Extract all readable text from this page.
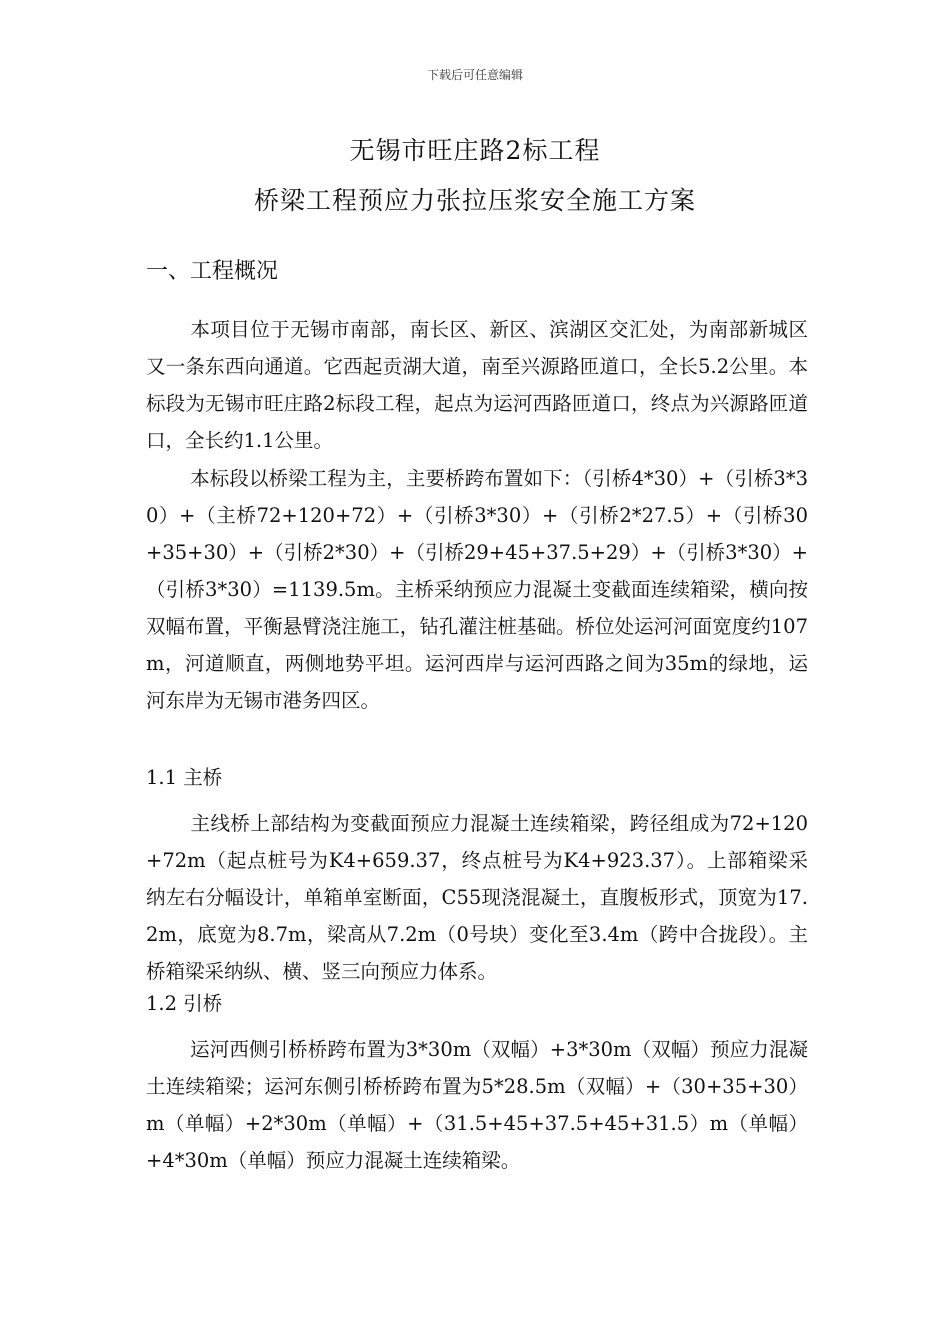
下载后可任意编辑
无锡市旺庄路2标工程
桥梁工程预应力张拉压浆安全施工方案
一、工程概况

本项目位于无锡市南部，南长区、新区、滨湖区交汇处，为南部新城区又一条东西向通道。它西起贡湖大道，南至兴源路匝道口，全长5.2公里。本标段为无锡市旺庄路2标段工程，起点为运河西路匝道口，终点为兴源路匝道口，全长约1.1公里。

本标段以桥梁工程为主，主要桥跨布置如下：（引桥4*30）+（引桥3*30）+（主桥72+120+72）+（引桥3*30）+（引桥2*27.5）+（引桥30+35+30）+（引桥2*30）+（引桥29+45+37.5+29）+（引桥3*30）+（引桥3*30）=1139.5m。主桥采纳预应力混凝土变截面连续箱梁，横向按双幅布置，平衡悬臂浇注施工，钻孔灌注桩基础。桥位处运河河面宽度约107m，河道顺直，两侧地势平坦。运河西岸与运河西路之间为35m的绿地，运河东岸为无锡市港务四区。

1.1 主桥

主线桥上部结构为变截面预应力混凝土连续箱梁，跨径组成为72+120+72m（起点桩号为K4+659.37，终点桩号为K4+923.37）。上部箱梁采纳左右分幅设计，单箱单室断面，C55现浇混凝土，直腹板形式，顶宽为17.2m，底宽为8.7m，梁高从7.2m（0号块）变化至3.4m（跨中合拢段）。主桥箱梁采纳纵、横、竖三向预应力体系。

1.2 引桥

运河西侧引桥桥跨布置为3*30m（双幅）+3*30m（双幅）预应力混凝土连续箱梁；运河东侧引桥桥跨布置为5*28.5m（双幅）+（30+35+30）m（单幅）+2*30m（单幅）+（31.5+45+37.5+45+31.5）m（单幅）+4*30m（单幅）预应力混凝土连续箱梁。
